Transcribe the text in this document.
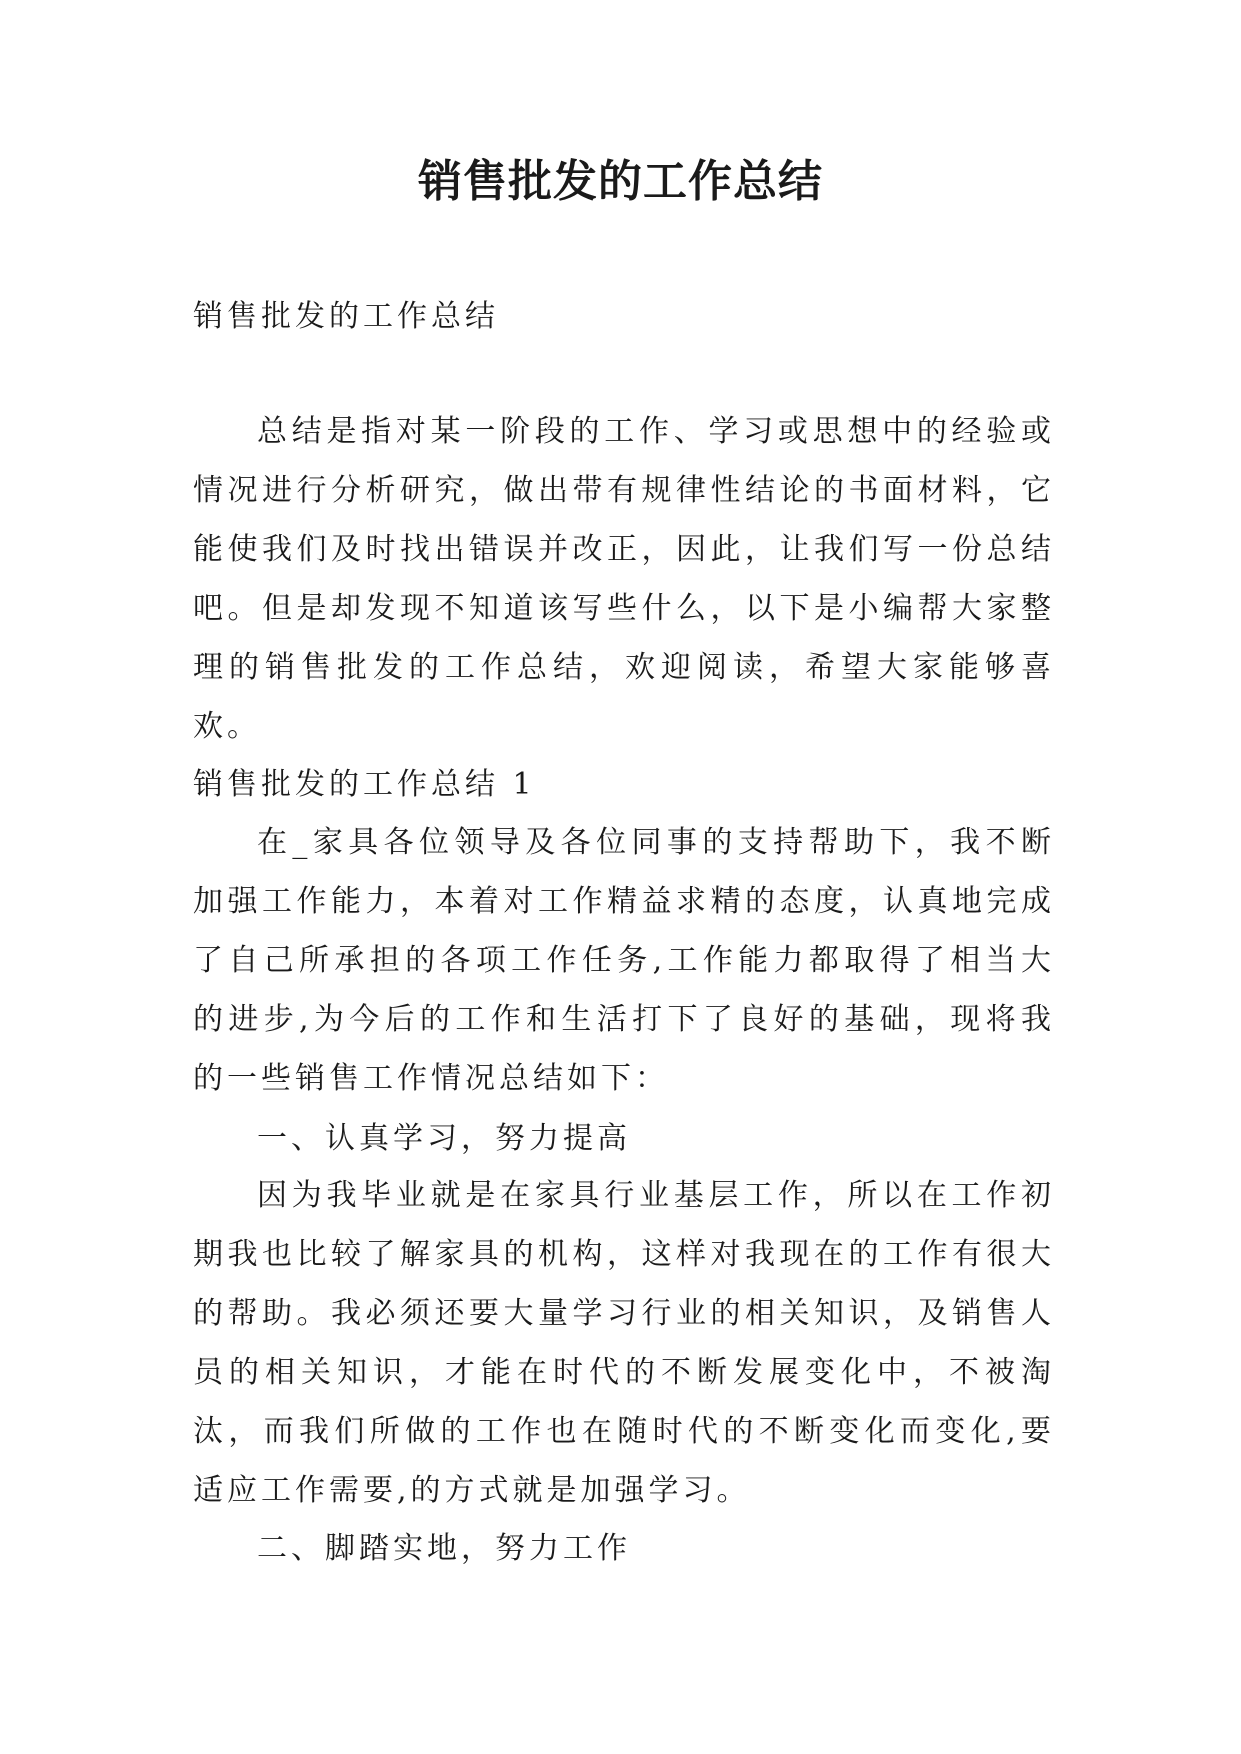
销售批发的工作总结

销售批发的工作总结

总结是指对某一阶段的工作、学习或思想中的经验或情况进行分析研究，做出带有规律性结论的书面材料，它能使我们及时找出错误并改正，因此，让我们写一份总结吧。但是却发现不知道该写些什么，以下是小编帮大家整理的销售批发的工作总结，欢迎阅读，希望大家能够喜欢。

销售批发的工作总结 1

在_家具各位领导及各位同事的支持帮助下，我不断加强工作能力，本着对工作精益求精的态度，认真地完成了自己所承担的各项工作任务,工作能力都取得了相当大的进步,为今后的工作和生活打下了良好的基础，现将我的一些销售工作情况总结如下：

一、认真学习，努力提高

因为我毕业就是在家具行业基层工作，所以在工作初期我也比较了解家具的机构，这样对我现在的工作有很大的帮助。我必须还要大量学习行业的相关知识，及销售人员的相关知识，才能在时代的不断发展变化中，不被淘汰，而我们所做的工作也在随时代的不断变化而变化,要适应工作需要,的方式就是加强学习。

二、脚踏实地，努力工作
